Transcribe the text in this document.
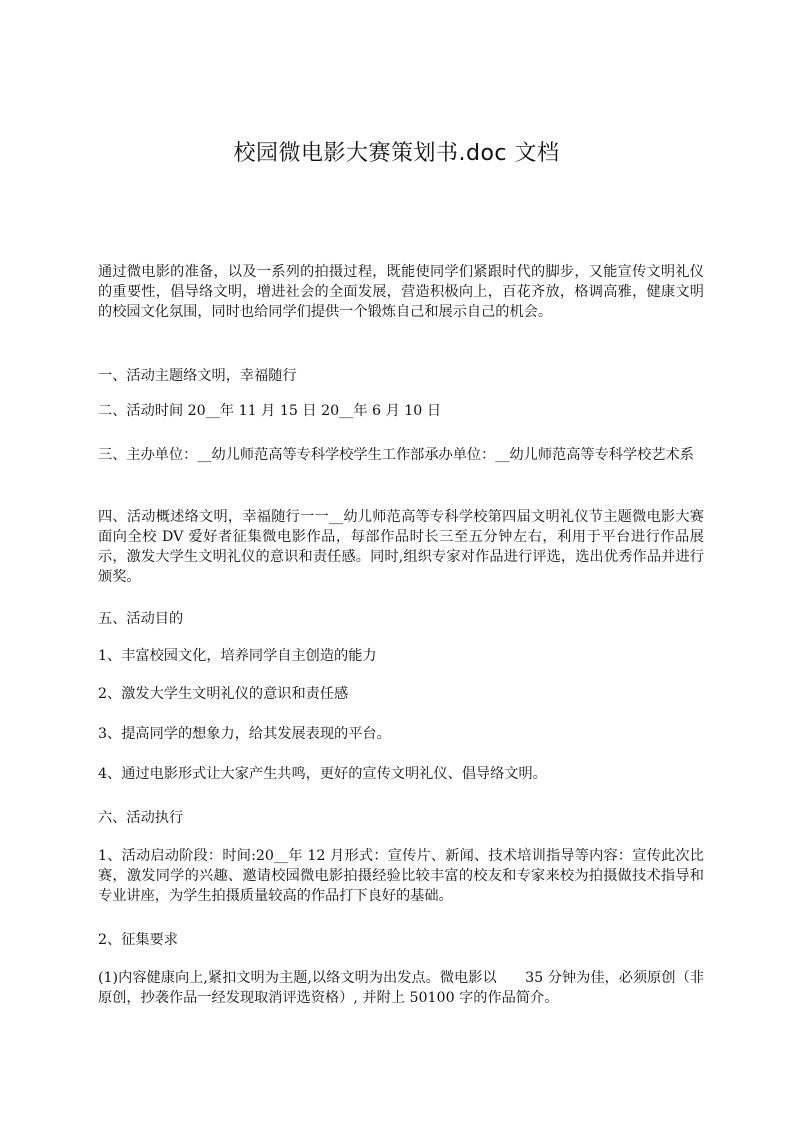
校园微电影大赛策划书.doc 文档
通过微电影的准备，以及一系列的拍摄过程，既能使同学们紧跟时代的脚步，又能宣传文明礼仪的重要性，倡导络文明，增进社会的全面发展，营造积极向上，百花齐放，格调高雅，健康文明的校园文化氛围，同时也给同学们提供一个锻炼自己和展示自己的机会。
一、活动主题络文明，幸福随行
二、活动时间 20__年 11 月 15 日 20__年 6 月 10 日
三、主办单位：__幼儿师范高等专科学校学生工作部承办单位：__幼儿师范高等专科学校艺术系
四、活动概述络文明，幸福随行一一__幼儿师范高等专科学校第四届文明礼仪节主题微电影大赛面向全校 DV 爱好者征集微电影作品，每部作品时长三至五分钟左右，利用于平台进行作品展示，激发大学生文明礼仪的意识和责任感。同时,组织专家对作品进行评选，选出优秀作品并进行颁奖。
五、活动目的
1、丰富校园文化，培养同学自主创造的能力
2、激发大学生文明礼仪的意识和责任感
3、提高同学的想象力，给其发展表现的平台。
4、通过电影形式让大家产生共鸣，更好的宣传文明礼仪、倡导络文明。
六、活动执行
1、活动启动阶段：时间:20__年 12 月形式：宣传片、新闻、技术培训指导等内容：宣传此次比赛，激发同学的兴趣、邀请校园微电影拍摄经验比较丰富的校友和专家来校为拍摄做技术指导和专业讲座，为学生拍摄质量较高的作品打下良好的基础。
2、征集要求
(1)内容健康向上,紧扣文明为主题,以络文明为出发点。微电影以　　35 分钟为佳，必须原创（非原创，抄袭作品一经发现取消评选资格）, 并附上 50100 字的作品简介。
